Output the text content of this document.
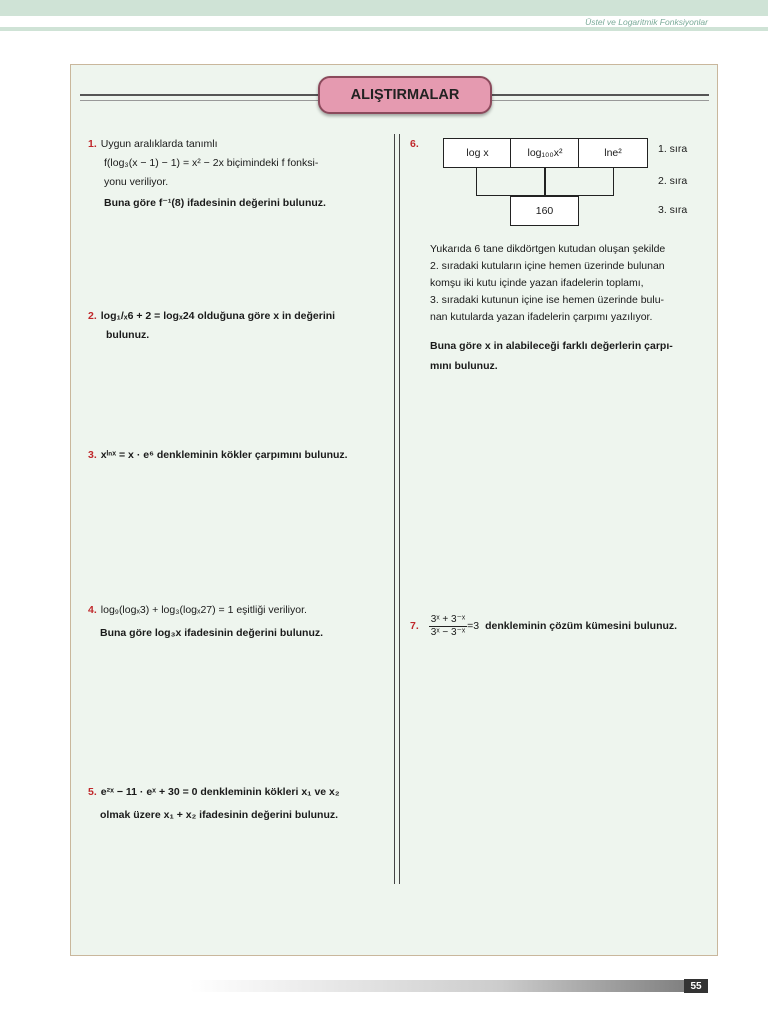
Üstel ve Logaritmik Fonksiyonlar
ALIŞTIRMALAR
1. Uygun aralıklarda tanımlı
f(log₃(x − 1) − 1) = x² − 2x biçimindeki f fonksi-
yonu veriliyor.
Buna göre f⁻¹(8) ifadesinin değerini bulunuz.
2. log₁/ₓ6 + 2 = logₓ24 olduğuna göre x in değerini
bulunuz.
3. xˡⁿˣ = x · e⁶ denkleminin kökler çarpımını bulunuz.
4. log₉(logₓ3) + log₃(logₓ27) = 1 eşitliği veriliyor.
Buna göre log₃x ifadesinin değerini bulunuz.
5. e²ˣ − 11 · eˣ + 30 = 0 denkleminin kökleri x₁ ve x₂
olmak üzere x₁ + x₂ ifadesinin değerini bulunuz.
6.
log x	log₁₀₀x²	lne²
160
1. sıra
2. sıra
3. sıra
Yukarıda 6 tane dikdörtgen kutudan oluşan şekilde
2. sıradaki kutuların içine hemen üzerinde bulunan
komşu iki kutu içinde yazan ifadelerin toplamı,
3. sıradaki kutunun içine ise hemen üzerinde bulu-
nan kutularda yazan ifadelerin çarpımı yazılıyor.
Buna göre x in alabileceği farklı değerlerin çarpı-
mını bulunuz.
7. $\frac{\text{3ˣ + 3⁻ˣ}}{\text{3ˣ − 3⁻ˣ}} =3$ denkleminin çözüm kümesini bulunuz.
55
